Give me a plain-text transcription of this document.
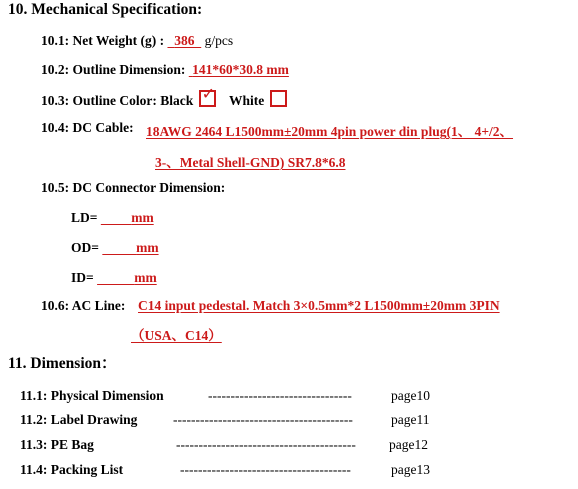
10. Mechanical Specification:
10.1: Net Weight (g) : 386 g/pcs
10.2: Outline Dimension: 141*60*30.8 mm
10.3: Outline Color: Black ✓ White
10.4: DC Cable: 18AWG 2464 L1500mm±20mm 4pin power din plug(1、 4+/2、
3-、Metal Shell-GND) SR7.8*6.8
10.5: DC Connector Dimension:
LD=	mm
OD=	mm
ID=	mm
10.6: AC Line: C14 input pedestal. Match 3×0.5mm*2 L1500mm±20mm 3PIN
（USA、C14）
11. Dimension：
11.1: Physical Dimension	--------------------------------	page10
11.2: Label Drawing	----------------------------------------	page11
11.3: PE Bag	---------------------------------------- page12
11.4: Packing List	--------------------------------------	page13
